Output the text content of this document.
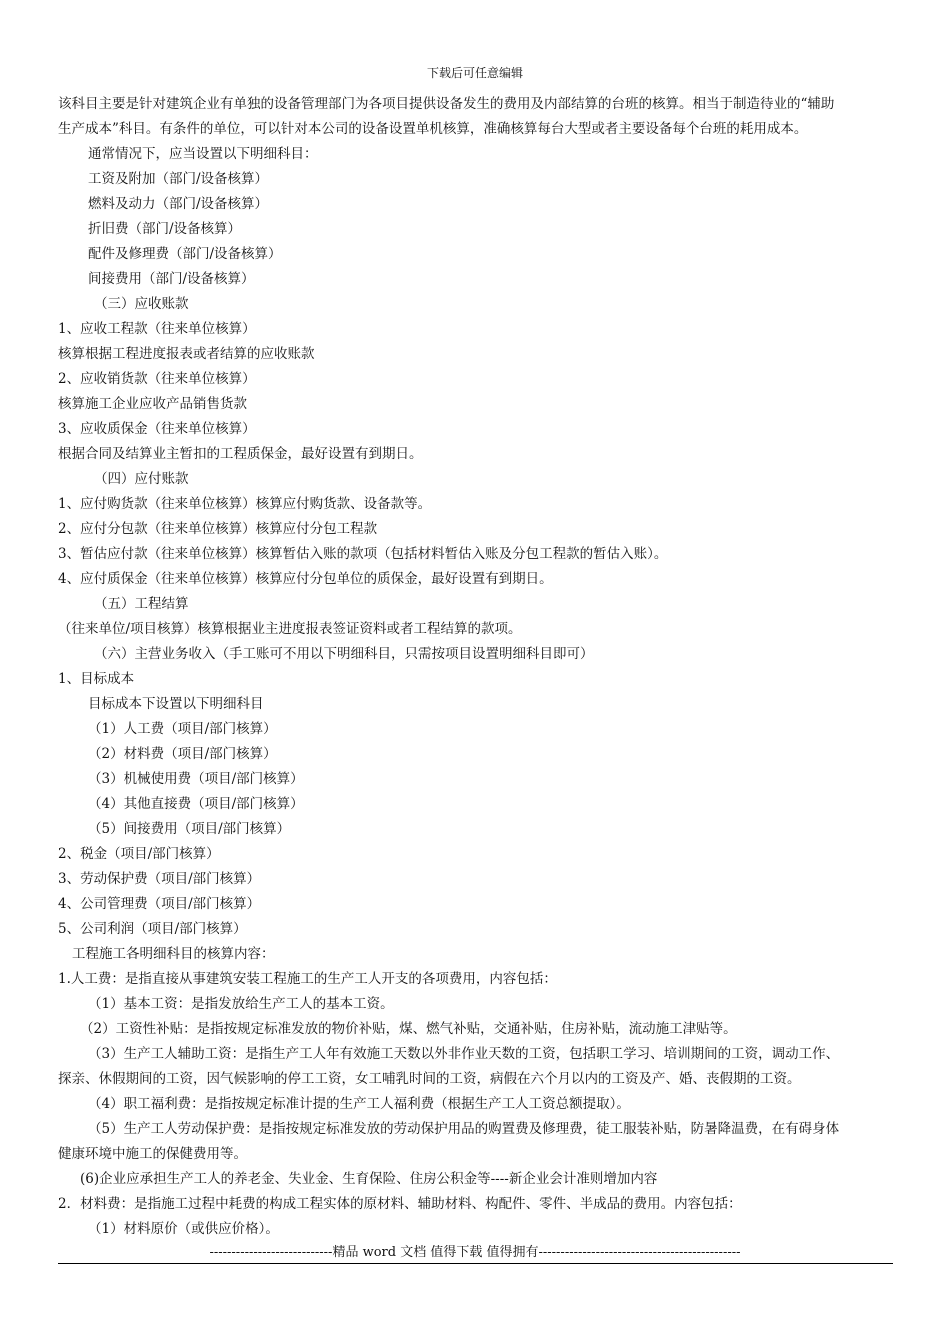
下载后可任意编辑
该科目主要是针对建筑企业有单独的设备管理部门为各项目提供设备发生的费用及内部结算的台班的核算。相当于制造待业的“辅助
生产成本”科目。有条件的单位，可以针对本公司的设备设置单机核算，准确核算每台大型或者主要设备每个台班的耗用成本。
通常情况下，应当设置以下明细科目：
工资及附加（部门/设备核算）
燃料及动力（部门/设备核算）
折旧费（部门/设备核算）
配件及修理费（部门/设备核算）
间接费用（部门/设备核算）
（三）应收账款
1、应收工程款（往来单位核算）
核算根据工程进度报表或者结算的应收账款
2、应收销货款（往来单位核算）
核算施工企业应收产品销售货款
3、应收质保金（往来单位核算）
根据合同及结算业主暂扣的工程质保金，最好设置有到期日。
（四）应付账款
1、应付购货款（往来单位核算）核算应付购货款、设备款等。
2、应付分包款（往来单位核算）核算应付分包工程款
3、暂估应付款（往来单位核算）核算暂估入账的款项（包括材料暂估入账及分包工程款的暂估入账）。
4、应付质保金（往来单位核算）核算应付分包单位的质保金，最好设置有到期日。
（五）工程结算
（往来单位/项目核算）核算根据业主进度报表签证资料或者工程结算的款项。
（六）主营业务收入（手工账可不用以下明细科目，只需按项目设置明细科目即可）
1、目标成本
目标成本下设置以下明细科目
（1）人工费（项目/部门核算）
（2）材料费（项目/部门核算）
（3）机械使用费（项目/部门核算）
（4）其他直接费（项目/部门核算）
（5）间接费用（项目/部门核算）
2、税金（项目/部门核算）
3、劳动保护费（项目/部门核算）
4、公司管理费（项目/部门核算）
5、公司利润（项目/部门核算）
工程施工各明细科目的核算内容：
1.人工费：是指直接从事建筑安装工程施工的生产工人开支的各项费用，内容包括：
（1）基本工资：是指发放给生产工人的基本工资。
（2）工资性补贴：是指按规定标准发放的物价补贴，煤、燃气补贴，交通补贴，住房补贴，流动施工津贴等。
（3）生产工人辅助工资：是指生产工人年有效施工天数以外非作业天数的工资，包括职工学习、培训期间的工资，调动工作、
探亲、休假期间的工资，因气候影响的停工工资，女工哺乳时间的工资，病假在六个月以内的工资及产、婚、丧假期的工资。
（4）职工福利费：是指按规定标准计提的生产工人福利费（根据生产工人工资总额提取）。
（5）生产工人劳动保护费：是指按规定标准发放的劳动保护用品的购置费及修理费，徒工服装补贴，防暑降温费，在有碍身体
健康环境中施工的保健费用等。
(6)企业应承担生产工人的养老金、失业金、生育保险、住房公积金等----新企业会计准则增加内容
2．材料费：是指施工过程中耗费的构成工程实体的原材料、辅助材料、构配件、零件、半成品的费用。内容包括：
（1）材料原价（或供应价格）。
----------------------------精品 word 文档 值得下载 值得拥有----------------------------------------------
